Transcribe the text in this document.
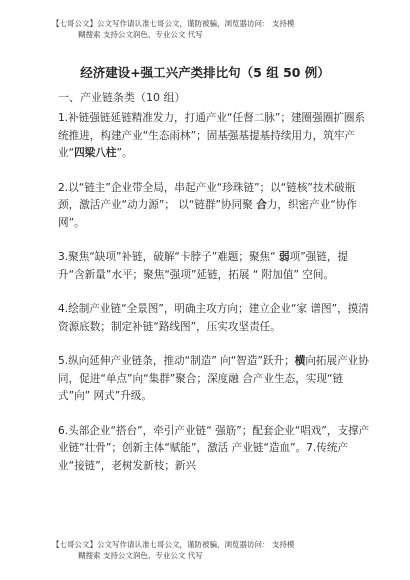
【七哥公文】公文写作请认准七哥公文，谨防被骗，浏览器访问： 支持模
糊搜索 支持公文润色、专业公文 代写
经济建设+强工兴产类排比句（5 组 50 例）
一、产业链条类（10 组）

1.补链强链延链精准发力，打通产业“任督二脉”；建圈强圈扩圈系统推进，构建产业“生态雨林”；固基强基提基持续用力，筑牢产业“四梁八柱”。

2.以“链主”企业带全局，串起产业“珍珠链”；以“链核”技术破瓶颈，激活产业“动力源”； 以“链群”协同聚 合力，织密产业“协作网”。

3.聚焦“缺项”补链，破解“卡脖子”难题；聚焦“ 弱项”强链，提升“含新量”水平；聚焦“强项”延链，拓展 “ 附加值” 空间。

4.绘制产业链“全景图”，明确主攻方向；建立企业“家 谱图”，摸清资源底数；制定补链“路线图”，压实攻坚责任。

5.纵向延伸产业链条，推动“制造” 向“智造”跃升；横向拓展产业协同，促进“单点”向“集群”聚合；深度融 合产业生态，实现“链式”向” 网式”升级。

6.头部企业“搭台”，牵引产业链“ 强筋”；配套企业“唱戏”，支撑产业链“壮骨”；创新主体“赋能”，激活 产业链“造血”。7.传统产业“接链”，老树发新枝；新兴

【七哥公文】公文写作请认准七哥公文，谨防被骗，浏览器访问： 支持模
糊搜索 支持公文润色、专业公文 代写
